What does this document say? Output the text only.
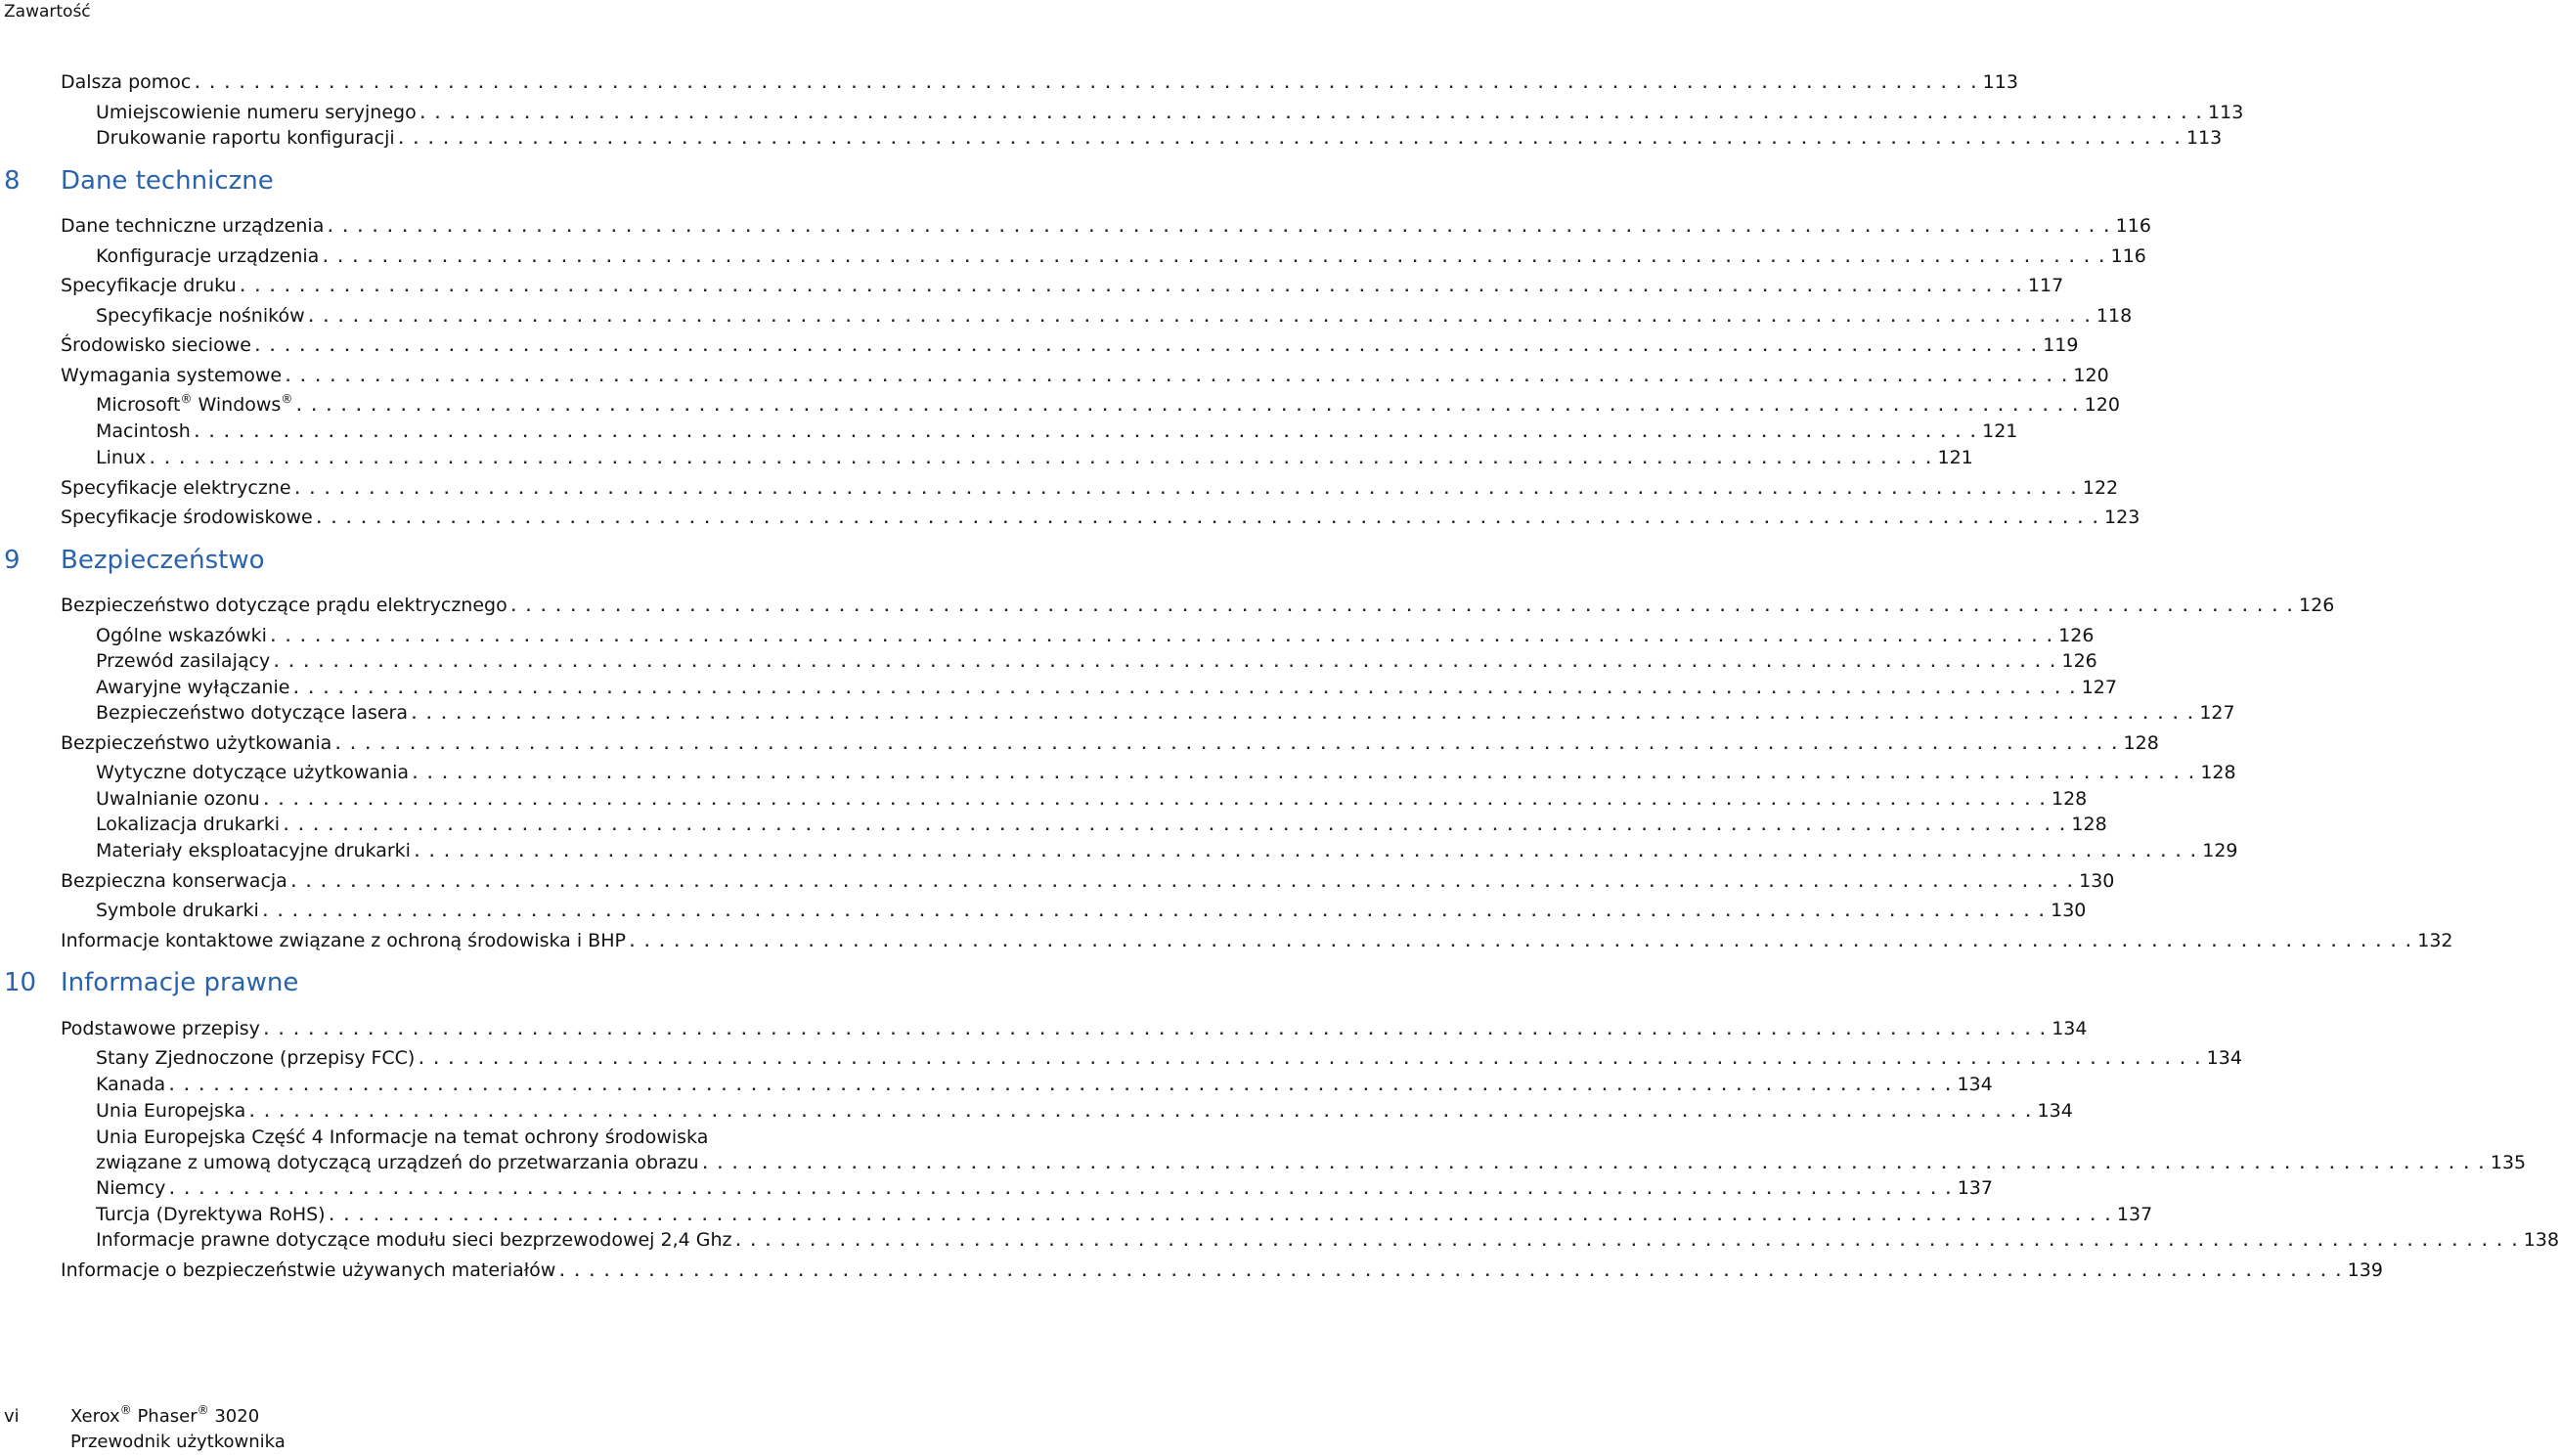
Zawartość
Dalsza pomoc . . . . . . . . . . . . . . . . . . . . . . . . . . . . . . . . . . . . . . . . . . . . . . . . . . . . . . . . . . . . . . . . . . . . . . . . . . . . . . . . . . . . . . . . . . . . . . . . . . . . . . . . . . . . . . . . . . . . . . . . 113
Umiejscowienie numeru seryjnego . . . . . . . . . . . . . . . . . . . . . . . . . . . . . . . . . . . . . . . . . . . . . . . . . . . . . . . . . . . . . . . . . . . . . . . . . . . . . . . . . . . . . . . . . . . . . . . . . . . . . . . . . . . . . . . . . . . . . . . . 113
Drukowanie raportu konfiguracji . . . . . . . . . . . . . . . . . . . . . . . . . . . . . . . . . . . . . . . . . . . . . . . . . . . . . . . . . . . . . . . . . . . . . . . . . . . . . . . . . . . . . . . . . . . . . . . . . . . . . . . . . . . . . . . . . . . . . . . . 113
8 Dane techniczne
Dane techniczne urządzenia . . . . . . . . . . . . . . . . . . . . . . . . . . . . . . . . . . . . . . . . . . . . . . . . . . . . . . . . . . . . . . . . . . . . . . . . . . . . . . . . . . . . . . . . . . . . . . . . . . . . . . . . . . . . . . . . . . . . . . . . 116
Konfiguracje urządzenia . . . . . . . . . . . . . . . . . . . . . . . . . . . . . . . . . . . . . . . . . . . . . . . . . . . . . . . . . . . . . . . . . . . . . . . . . . . . . . . . . . . . . . . . . . . . . . . . . . . . . . . . . . . . . . . . . . . . . . . . 116
Specyfikacje druku . . . . . . . . . . . . . . . . . . . . . . . . . . . . . . . . . . . . . . . . . . . . . . . . . . . . . . . . . . . . . . . . . . . . . . . . . . . . . . . . . . . . . . . . . . . . . . . . . . . . . . . . . . . . . . . . . . . . . . . . 117
Specyfikacje nośników . . . . . . . . . . . . . . . . . . . . . . . . . . . . . . . . . . . . . . . . . . . . . . . . . . . . . . . . . . . . . . . . . . . . . . . . . . . . . . . . . . . . . . . . . . . . . . . . . . . . . . . . . . . . . . . . . . . . . . . . 118
Środowisko sieciowe . . . . . . . . . . . . . . . . . . . . . . . . . . . . . . . . . . . . . . . . . . . . . . . . . . . . . . . . . . . . . . . . . . . . . . . . . . . . . . . . . . . . . . . . . . . . . . . . . . . . . . . . . . . . . . . . . . . . . . . . 119
Wymagania systemowe . . . . . . . . . . . . . . . . . . . . . . . . . . . . . . . . . . . . . . . . . . . . . . . . . . . . . . . . . . . . . . . . . . . . . . . . . . . . . . . . . . . . . . . . . . . . . . . . . . . . . . . . . . . . . . . . . . . . . . . . 120
Microsoft® Windows®
. . . . . . . . . . . . . . . . . . . . . . . . . . . . . . . . . . . . . . . . . . . . . . . . . . . . . . . . . . . . . . . . . . . . . . . . . . . . . . . . . . . . . . . . . . . . . . . . . . . . . . . . . . . . . . . . . . . . . . . . 120
Macintosh . . . . . . . . . . . . . . . . . . . . . . . . . . . . . . . . . . . . . . . . . . . . . . . . . . . . . . . . . . . . . . . . . . . . . . . . . . . . . . . . . . . . . . . . . . . . . . . . . . . . . . . . . . . . . . . . . . . . . . . . 121
Linux . . . . . . . . . . . . . . . . . . . . . . . . . . . . . . . . . . . . . . . . . . . . . . . . . . . . . . . . . . . . . . . . . . . . . . . . . . . . . . . . . . . . . . . . . . . . . . . . . . . . . . . . . . . . . . . . . . . . . . . . 121
Specyfikacje elektryczne . . . . . . . . . . . . . . . . . . . . . . . . . . . . . . . . . . . . . . . . . . . . . . . . . . . . . . . . . . . . . . . . . . . . . . . . . . . . . . . . . . . . . . . . . . . . . . . . . . . . . . . . . . . . . . . . . . . . . . . . 122
Specyfikacje środowiskowe . . . . . . . . . . . . . . . . . . . . . . . . . . . . . . . . . . . . . . . . . . . . . . . . . . . . . . . . . . . . . . . . . . . . . . . . . . . . . . . . . . . . . . . . . . . . . . . . . . . . . . . . . . . . . . . . . . . . . . . . 123
9 Bezpieczeństwo
Bezpieczeństwo dotyczące prądu elektrycznego . . . . . . . . . . . . . . . . . . . . . . . . . . . . . . . . . . . . . . . . . . . . . . . . . . . . . . . . . . . . . . . . . . . . . . . . . . . . . . . . . . . . . . . . . . . . . . . . . . . . . . . . . . . . . . . . . . . . . . . . 126
Ogólne wskazówki . . . . . . . . . . . . . . . . . . . . . . . . . . . . . . . . . . . . . . . . . . . . . . . . . . . . . . . . . . . . . . . . . . . . . . . . . . . . . . . . . . . . . . . . . . . . . . . . . . . . . . . . . . . . . . . . . . . . . . . . 126
Przewód zasilający . . . . . . . . . . . . . . . . . . . . . . . . . . . . . . . . . . . . . . . . . . . . . . . . . . . . . . . . . . . . . . . . . . . . . . . . . . . . . . . . . . . . . . . . . . . . . . . . . . . . . . . . . . . . . . . . . . . . . . . . 126
Awaryjne wyłączanie . . . . . . . . . . . . . . . . . . . . . . . . . . . . . . . . . . . . . . . . . . . . . . . . . . . . . . . . . . . . . . . . . . . . . . . . . . . . . . . . . . . . . . . . . . . . . . . . . . . . . . . . . . . . . . . . . . . . . . . . 127
Bezpieczeństwo dotyczące lasera . . . . . . . . . . . . . . . . . . . . . . . . . . . . . . . . . . . . . . . . . . . . . . . . . . . . . . . . . . . . . . . . . . . . . . . . . . . . . . . . . . . . . . . . . . . . . . . . . . . . . . . . . . . . . . . . . . . . . . . . 127
Bezpieczeństwo użytkowania . . . . . . . . . . . . . . . . . . . . . . . . . . . . . . . . . . . . . . . . . . . . . . . . . . . . . . . . . . . . . . . . . . . . . . . . . . . . . . . . . . . . . . . . . . . . . . . . . . . . . . . . . . . . . . . . . . . . . . . . 128
Wytyczne dotyczące użytkowania . . . . . . . . . . . . . . . . . . . . . . . . . . . . . . . . . . . . . . . . . . . . . . . . . . . . . . . . . . . . . . . . . . . . . . . . . . . . . . . . . . . . . . . . . . . . . . . . . . . . . . . . . . . . . . . . . . . . . . . . 128
Uwalnianie ozonu . . . . . . . . . . . . . . . . . . . . . . . . . . . . . . . . . . . . . . . . . . . . . . . . . . . . . . . . . . . . . . . . . . . . . . . . . . . . . . . . . . . . . . . . . . . . . . . . . . . . . . . . . . . . . . . . . . . . . . . . 128
Lokalizacja drukarki . . . . . . . . . . . . . . . . . . . . . . . . . . . . . . . . . . . . . . . . . . . . . . . . . . . . . . . . . . . . . . . . . . . . . . . . . . . . . . . . . . . . . . . . . . . . . . . . . . . . . . . . . . . . . . . . . . . . . . . . 128
Materiały eksploatacyjne drukarki . . . . . . . . . . . . . . . . . . . . . . . . . . . . . . . . . . . . . . . . . . . . . . . . . . . . . . . . . . . . . . . . . . . . . . . . . . . . . . . . . . . . . . . . . . . . . . . . . . . . . . . . . . . . . . . . . . . . . . . . 129
Bezpieczna konserwacja . . . . . . . . . . . . . . . . . . . . . . . . . . . . . . . . . . . . . . . . . . . . . . . . . . . . . . . . . . . . . . . . . . . . . . . . . . . . . . . . . . . . . . . . . . . . . . . . . . . . . . . . . . . . . . . . . . . . . . . . 130
Symbole drukarki . . . . . . . . . . . . . . . . . . . . . . . . . . . . . . . . . . . . . . . . . . . . . . . . . . . . . . . . . . . . . . . . . . . . . . . . . . . . . . . . . . . . . . . . . . . . . . . . . . . . . . . . . . . . . . . . . . . . . . . . 130
Informacje kontaktowe związane z ochroną środowiska i BHP . . . . . . . . . . . . . . . . . . . . . . . . . . . . . . . . . . . . . . . . . . . . . . . . . . . . . . . . . . . . . . . . . . . . . . . . . . . . . . . . . . . . . . . . . . . . . . . . . . . . . . . . . . . . . . . . . . . . . . . . 132
10 Informacje prawne
Podstawowe przepisy . . . . . . . . . . . . . . . . . . . . . . . . . . . . . . . . . . . . . . . . . . . . . . . . . . . . . . . . . . . . . . . . . . . . . . . . . . . . . . . . . . . . . . . . . . . . . . . . . . . . . . . . . . . . . . . . . . . . . . . . 134
Stany Zjednoczone (przepisy FCC) . . . . . . . . . . . . . . . . . . . . . . . . . . . . . . . . . . . . . . . . . . . . . . . . . . . . . . . . . . . . . . . . . . . . . . . . . . . . . . . . . . . . . . . . . . . . . . . . . . . . . . . . . . . . . . . . . . . . . . . . 134
Kanada . . . . . . . . . . . . . . . . . . . . . . . . . . . . . . . . . . . . . . . . . . . . . . . . . . . . . . . . . . . . . . . . . . . . . . . . . . . . . . . . . . . . . . . . . . . . . . . . . . . . . . . . . . . . . . . . . . . . . . . . 134
Unia Europejska . . . . . . . . . . . . . . . . . . . . . . . . . . . . . . . . . . . . . . . . . . . . . . . . . . . . . . . . . . . . . . . . . . . . . . . . . . . . . . . . . . . . . . . . . . . . . . . . . . . . . . . . . . . . . . . . . . . . . . . . 134
Unia Europejska Część 4 Informacje na temat ochrony środowiska
związane z umową dotyczącą urządzeń do przetwarzania obrazu . . . . . . . . . . . . . . . . . . . . . . . . . . . . . . . . . . . . . . . . . . . . . . . . . . . . . . . . . . . . . . . . . . . . . . . . . . . . . . . . . . . . . . . . . . . . . . . . . . . . . . . . . . . . . . . . . . . . . . . . 135
Niemcy . . . . . . . . . . . . . . . . . . . . . . . . . . . . . . . . . . . . . . . . . . . . . . . . . . . . . . . . . . . . . . . . . . . . . . . . . . . . . . . . . . . . . . . . . . . . . . . . . . . . . . . . . . . . . . . . . . . . . . . . 137
Turcja (Dyrektywa RoHS) . . . . . . . . . . . . . . . . . . . . . . . . . . . . . . . . . . . . . . . . . . . . . . . . . . . . . . . . . . . . . . . . . . . . . . . . . . . . . . . . . . . . . . . . . . . . . . . . . . . . . . . . . . . . . . . . . . . . . . . . 137
Informacje prawne dotyczące modułu sieci bezprzewodowej 2,4 Ghz . . . . . . . . . . . . . . . . . . . . . . . . . . . . . . . . . . . . . . . . . . . . . . . . . . . . . . . . . . . . . . . . . . . . . . . . . . . . . . . . . . . . . . . . . . . . . . . . . . . . . . . . . . . . . . . . . . . . . . . . 138
Informacje o bezpieczeństwie używanych materiałów . . . . . . . . . . . . . . . . . . . . . . . . . . . . . . . . . . . . . . . . . . . . . . . . . . . . . . . . . . . . . . . . . . . . . . . . . . . . . . . . . . . . . . . . . . . . . . . . . . . . . . . . . . . . . . . . . . . . . . . . 139
vi	Xerox® Phaser® 3020
Przewodnik użytkownika
